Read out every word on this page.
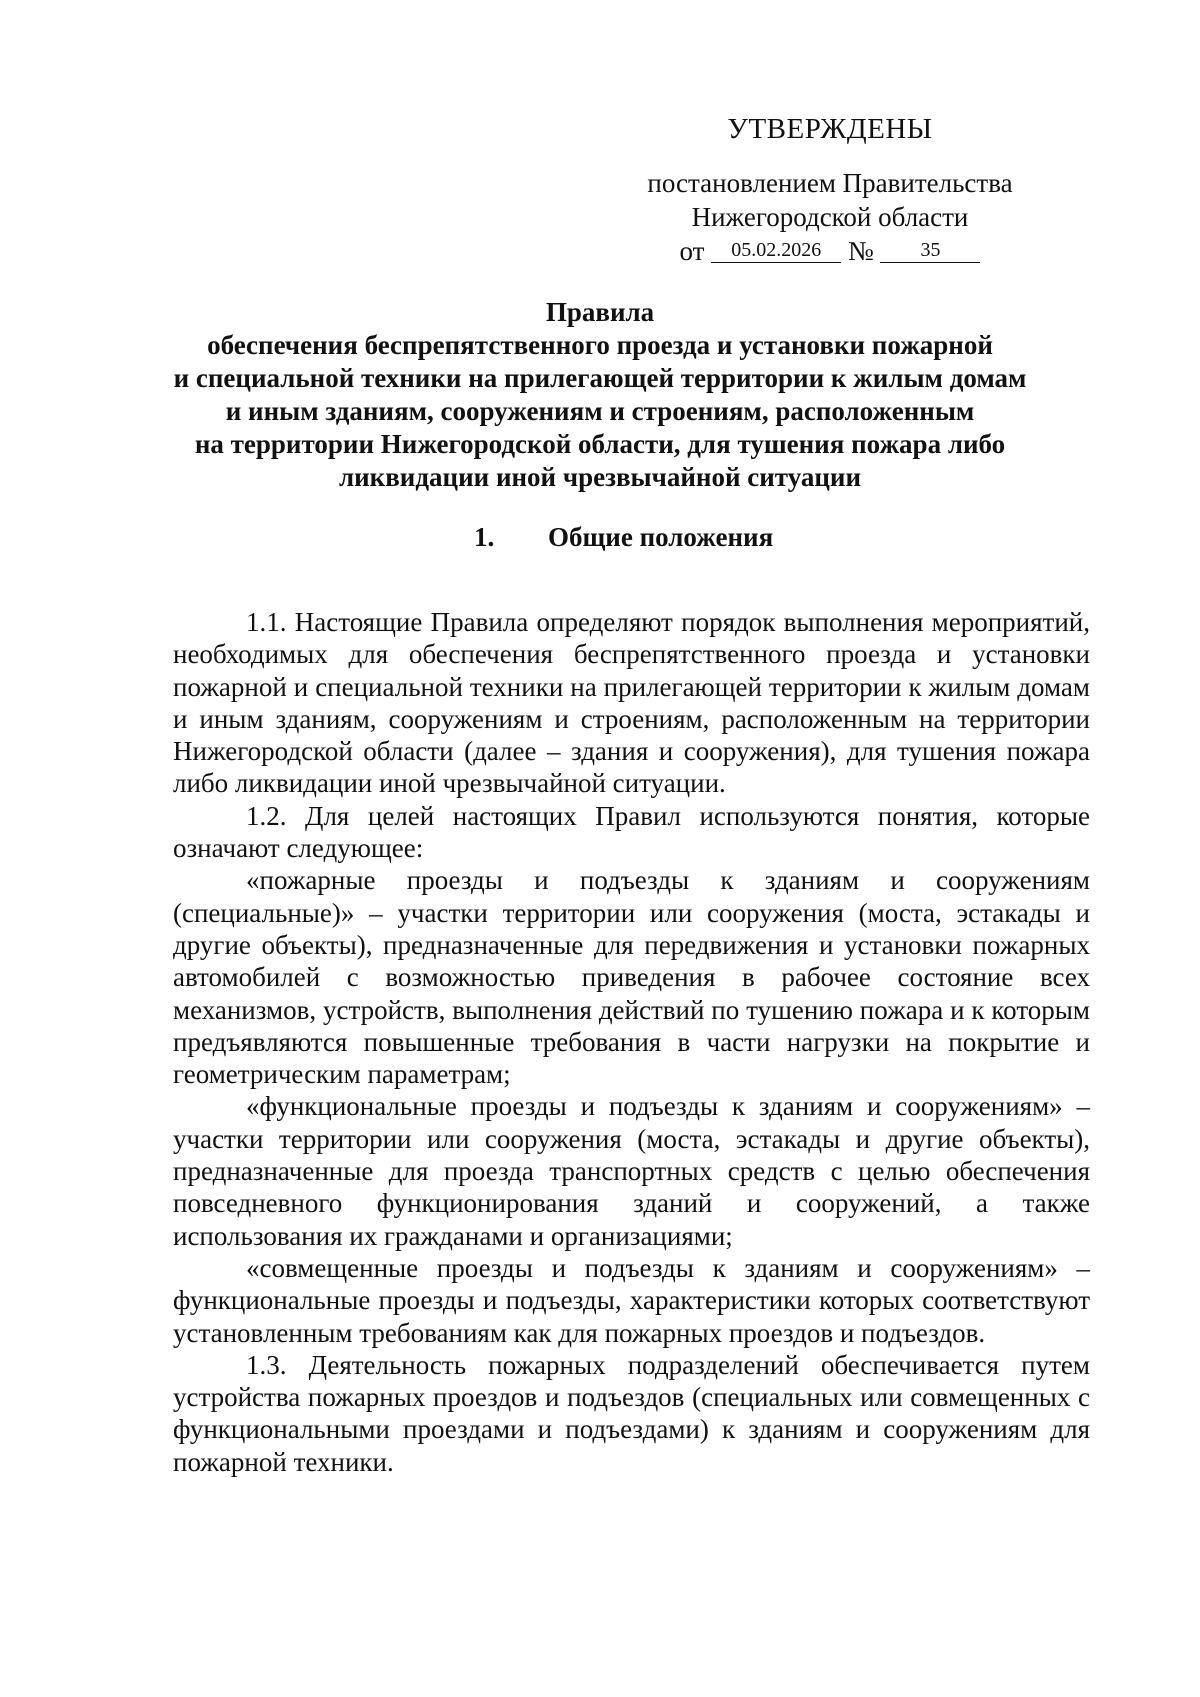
УТВЕРЖДЕНЫ
постановлением Правительства
Нижегородской области
от 05.02.2026 № 35
Правила
обеспечения беспрепятственного проезда и установки пожарной
и специальной техники на прилегающей территории к жилым домам
и иным зданиям, сооружениям и строениям, расположенным
на территории Нижегородской области, для тушения пожара либо
ликвидации иной чрезвычайной ситуации
1. Общие положения

1.1. Настоящие Правила определяют порядок выполнения мероприятий, необходимых для обеспечения беспрепятственного проезда и установки пожарной и специальной техники на прилегающей территории к жилым домам и иным зданиям, сооружениям и строениям, расположенным на территории Нижегородской области (далее – здания и сооружения), для тушения пожара либо ликвидации иной чрезвычайной ситуации.

1.2. Для целей настоящих Правил используются понятия, которые означают следующее:

«пожарные проезды и подъезды к зданиям и сооружениям (специальные)» – участки территории или сооружения (моста, эстакады и другие объекты), предназначенные для передвижения и установки пожарных автомобилей с возможностью приведения в рабочее состояние всех механизмов, устройств, выполнения действий по тушению пожара и к которым предъявляются повышенные требования в части нагрузки на покрытие и геометрическим параметрам;

«функциональные проезды и подъезды к зданиям и сооружениям» – участки территории или сооружения (моста, эстакады и другие объекты), предназначенные для проезда транспортных средств с целью обеспечения повседневного функционирования зданий и сооружений, а также использования их гражданами и организациями;

«совмещенные проезды и подъезды к зданиям и сооружениям» – функциональные проезды и подъезды, характеристики которых соответствуют установленным требованиям как для пожарных проездов и подъездов.

1.3. Деятельность пожарных подразделений обеспечивается путем устройства пожарных проездов и подъездов (специальных или совмещенных с функциональными проездами и подъездами) к зданиям и сооружениям для пожарной техники.
